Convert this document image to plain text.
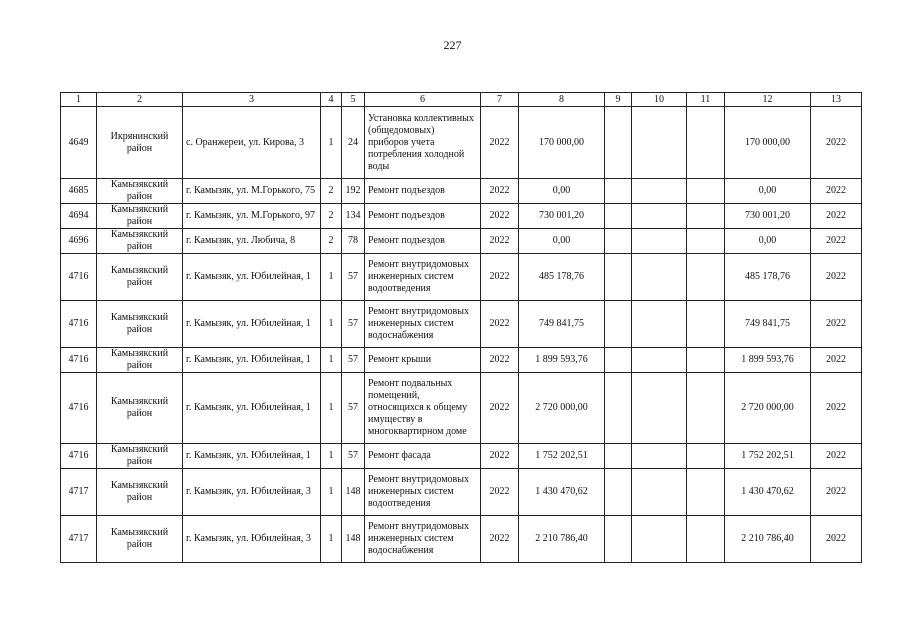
227
1	2	3	4	5	6	7	8	9	10	11	12	13
4649	Икрянинский район	с. Оранжереи, ул. Кирова, 3	1	24	Установка коллективных (общедомовых) приборов учета потребления холодной воды	2022	170 000,00				170 000,00	2022
4685	Камызякский район	г. Камызяк, ул. М.Горького, 75	2	192	Ремонт подъездов	2022	0,00				0,00	2022
4694	Камызякский район	г. Камызяк, ул. М.Горького, 97	2	134	Ремонт подъездов	2022	730 001,20				730 001,20	2022
4696	Камызякский район	г. Камызяк, ул. Любича, 8	2	78	Ремонт подъездов	2022	0,00				0,00	2022
4716	Камызякский район	г. Камызяк, ул. Юбилейная, 1	1	57	Ремонт внутридомовых инженерных систем водоотведения	2022	485 178,76				485 178,76	2022
4716	Камызякский район	г. Камызяк, ул. Юбилейная, 1	1	57	Ремонт внутридомовых инженерных систем водоснабжения	2022	749 841,75				749 841,75	2022
4716	Камызякский район	г. Камызяк, ул. Юбилейная, 1	1	57	Ремонт крыши	2022	1 899 593,76				1 899 593,76	2022
4716	Камызякский район	г. Камызяк, ул. Юбилейная, 1	1	57	Ремонт подвальных помещений, относящихся к общему имуществу в многоквартирном доме	2022	2 720 000,00				2 720 000,00	2022
4716	Камызякский район	г. Камызяк, ул. Юбилейная, 1	1	57	Ремонт фасада	2022	1 752 202,51				1 752 202,51	2022
4717	Камызякский район	г. Камызяк, ул. Юбилейная, 3	1	148	Ремонт внутридомовых инженерных систем водоотведения	2022	1 430 470,62				1 430 470,62	2022
4717	Камызякский район	г. Камызяк, ул. Юбилейная, 3	1	148	Ремонт внутридомовых инженерных систем водоснабжения	2022	2 210 786,40				2 210 786,40	2022
